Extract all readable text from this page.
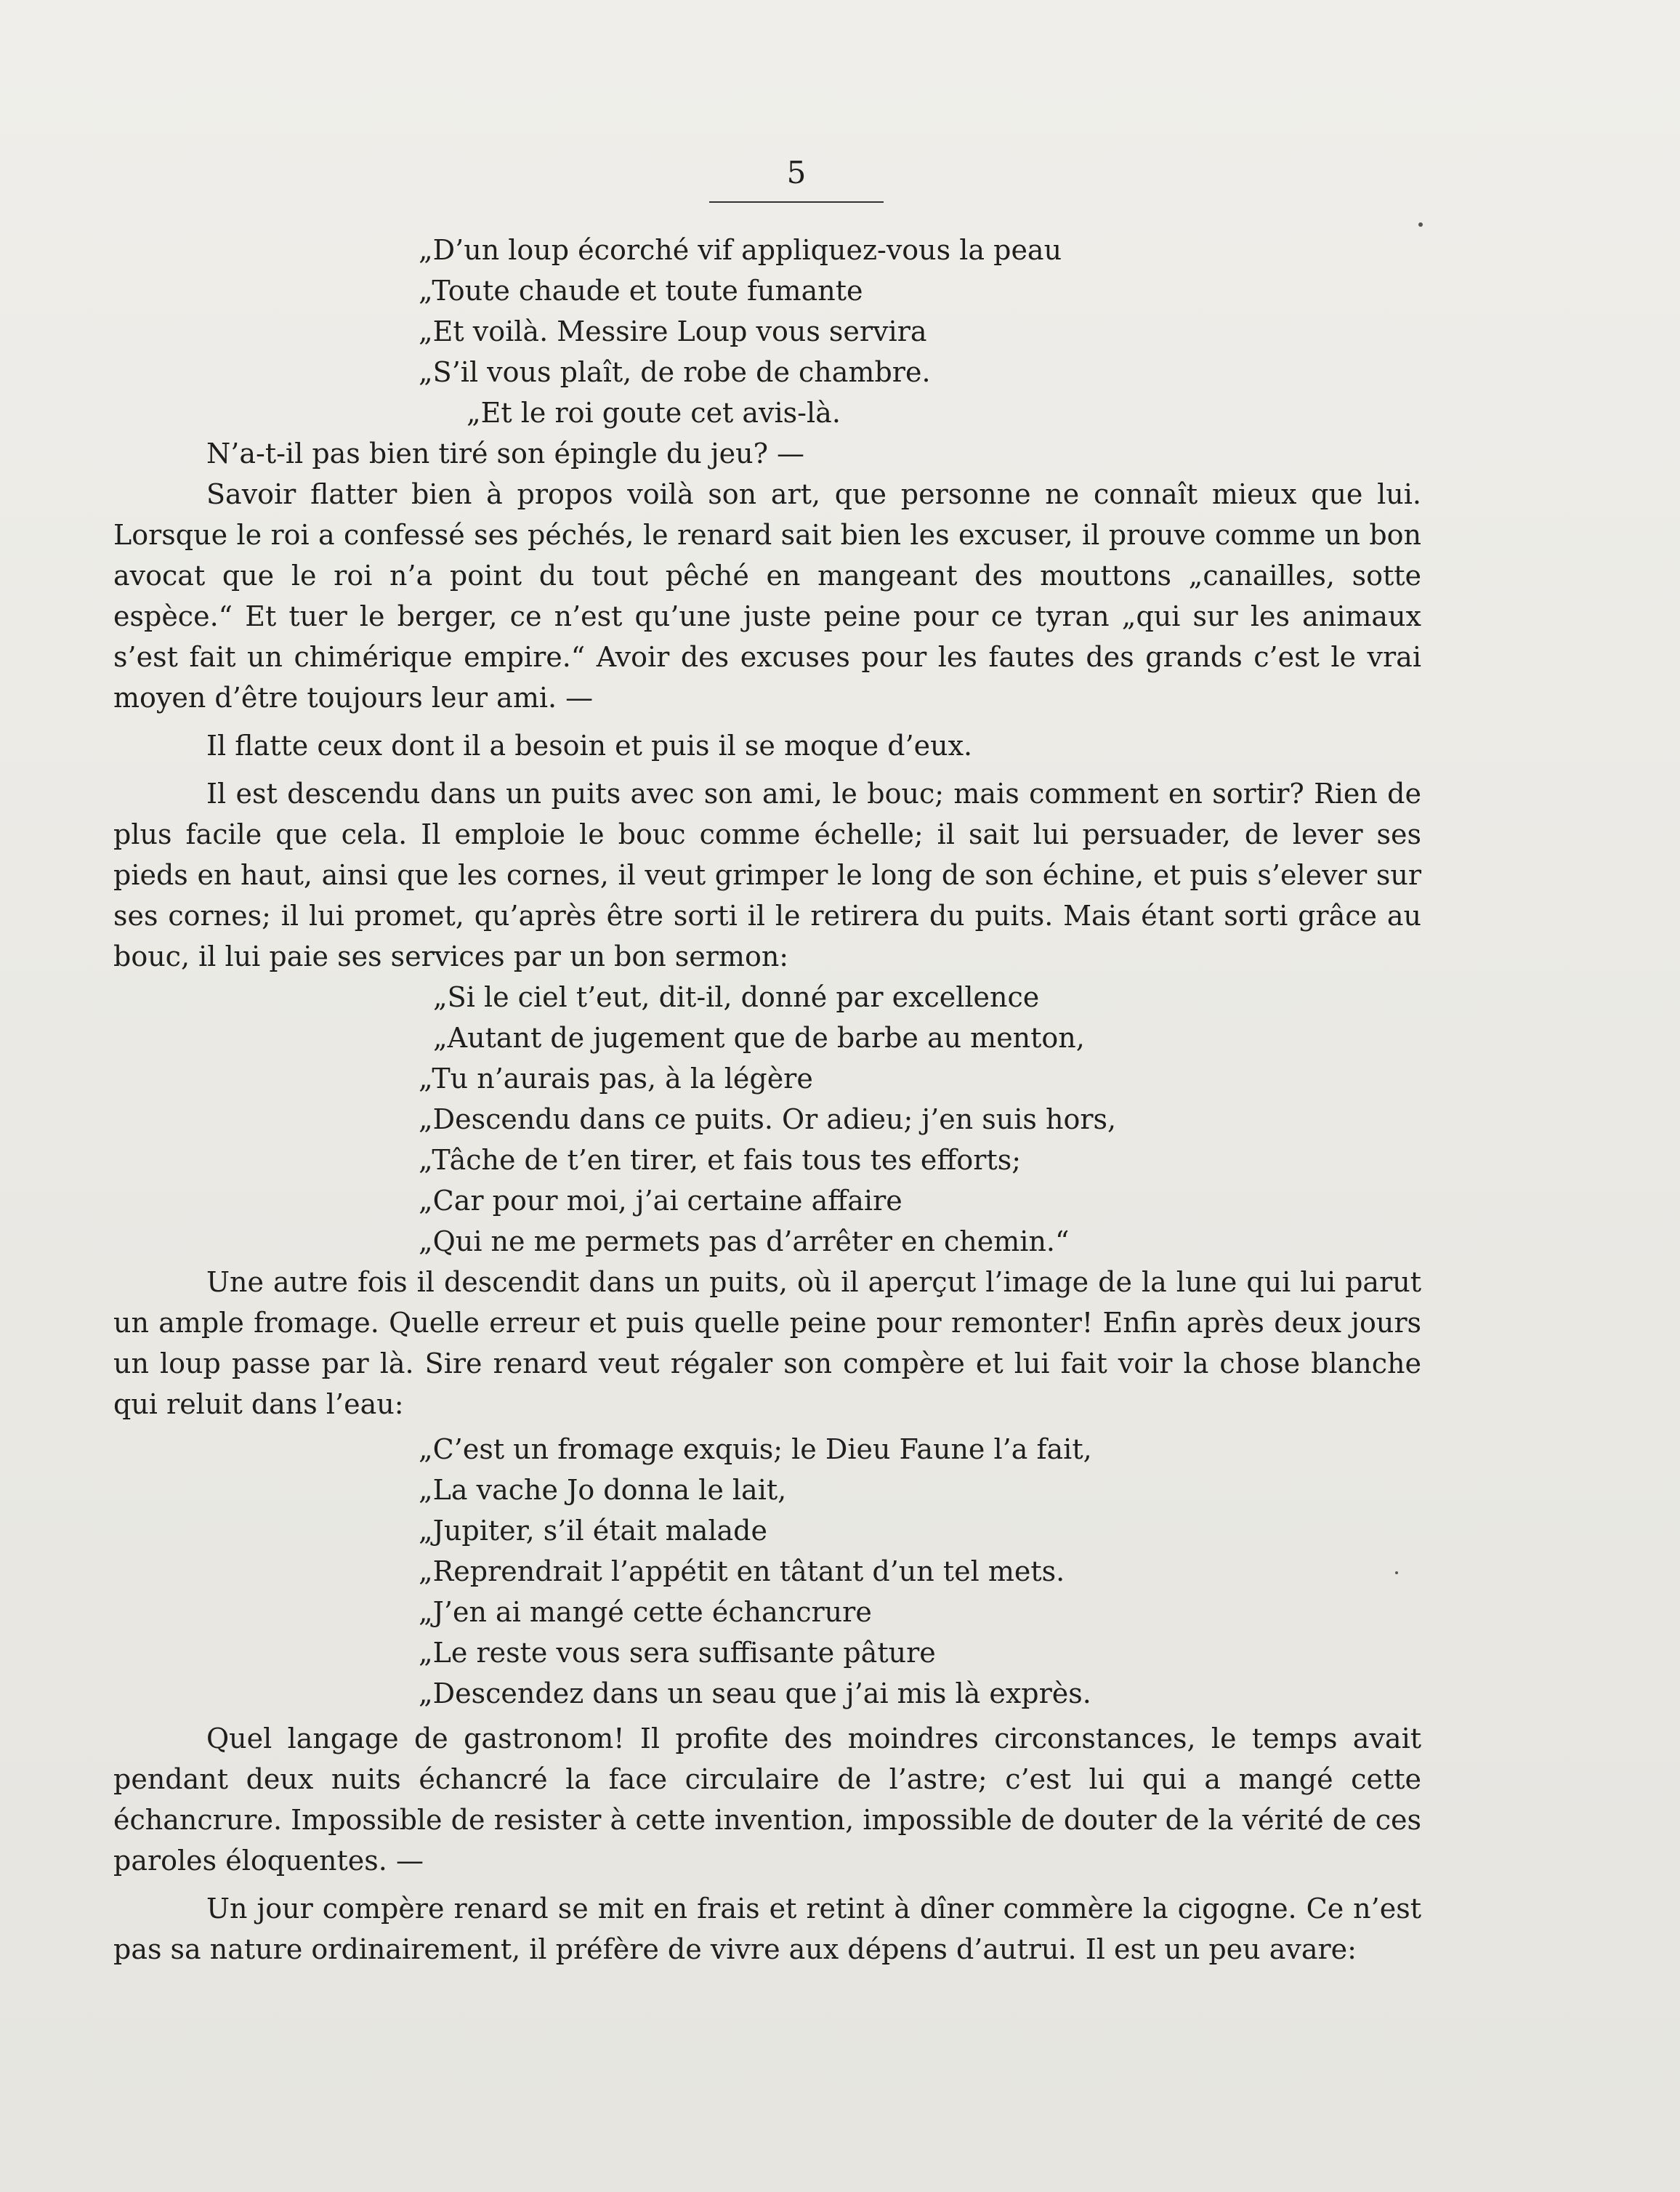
5
„D’un loup écorché vif appliquez-vous la peau
„Toute chaude et toute fumante
„Et voilà. Messire Loup vous servira
„S’il vous plaît, de robe de chambre.
„Et le roi goute cet avis-là.
N’a-t-il pas bien tiré son épingle du jeu? —
Savoir flatter bien à propos voilà son art, que personne ne connaît mieux que lui. Lorsque le roi a confessé ses péchés, le renard sait bien les excuser, il prouve comme un bon avocat que le roi n’a point du tout pêché en mangeant des mouttons „canailles, sotte espèce.“ Et tuer le berger, ce n’est qu’une juste peine pour ce tyran „qui sur les animaux s’est fait un chimérique empire.“ Avoir des excuses pour les fautes des grands c’est le vrai moyen d’être toujours leur ami. —
Il flatte ceux dont il a besoin et puis il se moque d’eux.
Il est descendu dans un puits avec son ami, le bouc; mais comment en sortir? Rien de plus facile que cela. Il emploie le bouc comme échelle; il sait lui persuader, de lever ses pieds en haut, ainsi que les cornes, il veut grimper le long de son échine, et puis s’elever sur ses cornes; il lui promet, qu’après être sorti il le retirera du puits. Mais étant sorti grâce au bouc, il lui paie ses services par un bon sermon:
„Si le ciel t’eut, dit-il, donné par excellence
„Autant de jugement que de barbe au menton,
„Tu n’aurais pas, à la légère
„Descendu dans ce puits. Or adieu; j’en suis hors,
„Tâche de t’en tirer, et fais tous tes efforts;
„Car pour moi, j’ai certaine affaire
„Qui ne me permets pas d’arrêter en chemin.“
Une autre fois il descendit dans un puits, où il aperçut l’image de la lune qui lui parut un ample fromage. Quelle erreur et puis quelle peine pour remonter! Enfin après deux jours un loup passe par là. Sire renard veut régaler son compère et lui fait voir la chose blanche qui reluit dans l’eau:
„C’est un fromage exquis; le Dieu Faune l’a fait,
„La vache Jo donna le lait,
„Jupiter, s’il était malade
„Reprendrait l’appétit en tâtant d’un tel mets.
„J’en ai mangé cette échancrure
„Le reste vous sera suffisante pâture
„Descendez dans un seau que j’ai mis là exprès.
Quel langage de gastronom! Il profite des moindres circonstances, le temps avait pendant deux nuits échancré la face circulaire de l’astre; c’est lui qui a mangé cette échancrure. Impossible de resister à cette invention, impossible de douter de la vérité de ces paroles éloquentes. —
Un jour compère renard se mit en frais et retint à dîner commère la cigogne. Ce n’est pas sa nature ordinairement, il préfère de vivre aux dépens d’autrui. Il est un peu avare:
